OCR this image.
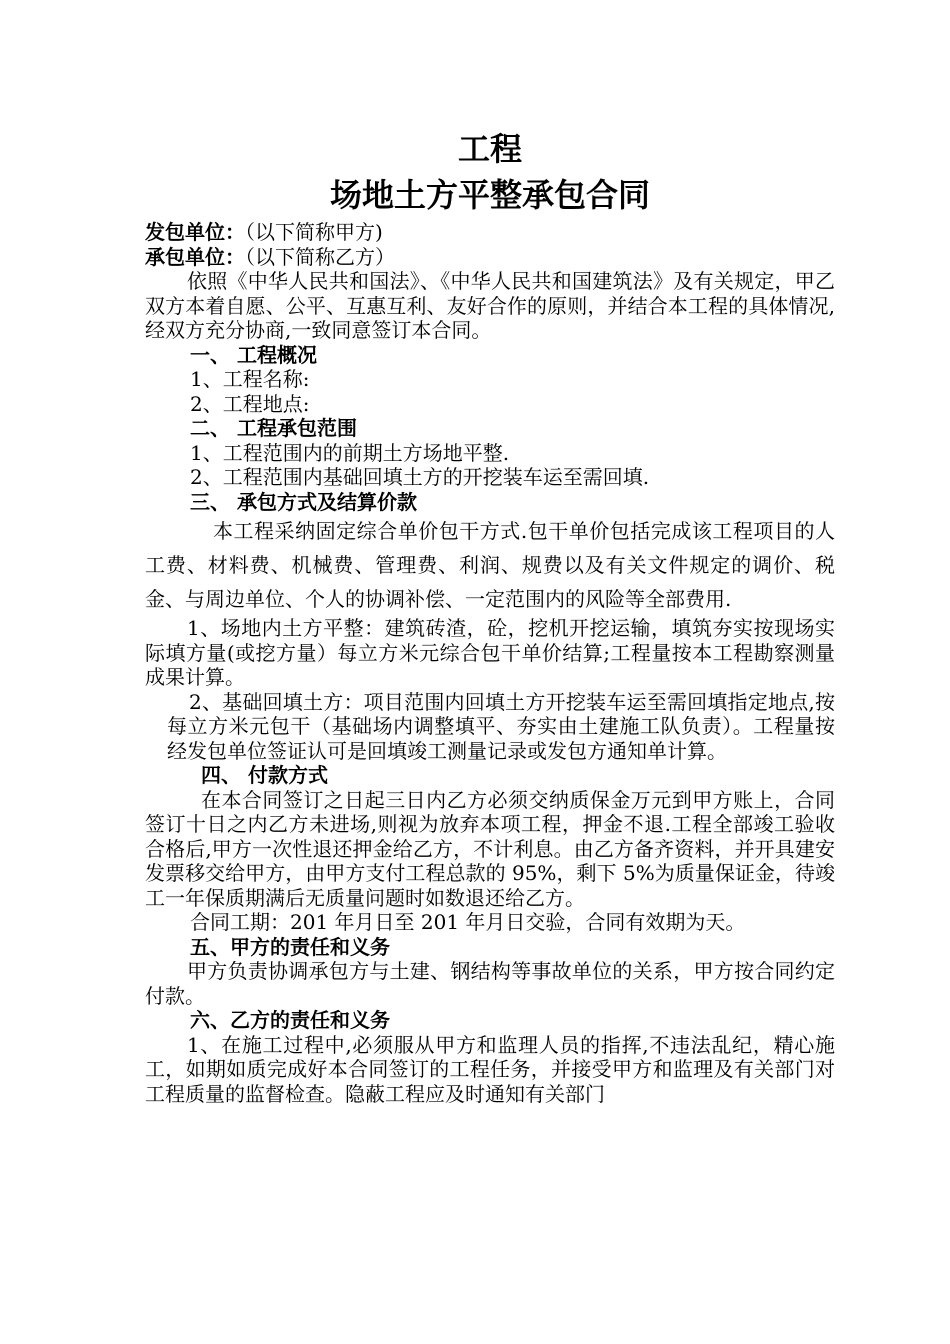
工程
场地土方平整承包合同
发包单位：（以下简称甲方)
承包单位：（以下简称乙方）
依照《中华人民共和国法》、《中华人民共和国建筑法》及有关规定，甲乙双方本着自愿、公平、互惠互利、友好合作的原则，并结合本工程的具体情况,经双方充分协商,一致同意签订本合同。
一、 工程概况
1、工程名称:
2、工程地点:
二、 工程承包范围
1、工程范围内的前期土方场地平整.
2、工程范围内基础回填土方的开挖装车运至需回填.
三、 承包方式及结算价款
本工程采纳固定综合单价包干方式.包干单价包括完成该工程项目的人工费、材料费、机械费、管理费、利润、规费以及有关文件规定的调价、税金、与周边单位、个人的协调补偿、一定范围内的风险等全部费用.
1、场地内土方平整：建筑砖渣，砼，挖机开挖运输，填筑夯实按现场实际填方量(或挖方量）每立方米元综合包干单价结算;工程量按本工程勘察测量成果计算。
2、基础回填土方：项目范围内回填土方开挖装车运至需回填指定地点,按每立方米元包干（基础场内调整填平、夯实由土建施工队负责）。工程量按经发包单位签证认可是回填竣工测量记录或发包方通知单计算。
四、 付款方式
在本合同签订之日起三日内乙方必须交纳质保金万元到甲方账上，合同签订十日之内乙方未进场,则视为放弃本项工程，押金不退.工程全部竣工验收合格后,甲方一次性退还押金给乙方，不计利息。由乙方备齐资料，并开具建安发票移交给甲方，由甲方支付工程总款的 95%，剩下 5%为质量保证金，待竣工一年保质期满后无质量问题时如数退还给乙方。
合同工期：201 年月日至 201 年月日交验，合同有效期为天。
五、甲方的责任和义务
甲方负责协调承包方与土建、钢结构等事故单位的关系，甲方按合同约定付款。
六、乙方的责任和义务
1、在施工过程中,必须服从甲方和监理人员的指挥,不违法乱纪，精心施工，如期如质完成好本合同签订的工程任务，并接受甲方和监理及有关部门对工程质量的监督检查。隐蔽工程应及时通知有关部门
